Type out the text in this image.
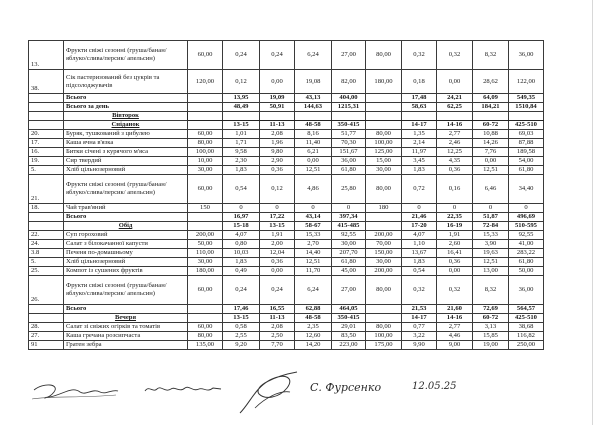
13.	Фрукти свіжі сезонні (груша/банан/ яблуко/слива/персик/ апельсин)	60,00	0,24	0,24	6,24	27,00	80,00	0,32	0,32	8,32	36,00
38.	Сік пастеризований без цукрів та підсолоджувачів	120,00	0,12	0,00	19,08	82,00	180,00	0,18	0,00	28,62	122,00
	Всього		13,95	19,09	43,13	404,00		17,48	24,21	64,09	549,35
	Всього за день		48,49	50,91	144,63	1215,31		58,63	62,25	184,21	1510,84
	Вівторок										
	Сніданок		13-15	11-13	48-58	350-415		14-17	14-16	60-72	425-510
20.	Буряк, тушкований з цибулею	60,00	1,01	2,08	8,16	51,77	80,00	1,35	2,77	10,88	69,03
17.	Каша ячна в'язка	80,00	1,71	1,96	11,40	70,30	100,00	2,14	2,46	14,26	87,88
16.	Битки січені з курячого м'яса	100,00	9,58	9,80	6,21	151,67	125,00	11,97	12,25	7,76	189,58
19.	Сир твердий	10,00	2,30	2,90	0,00	36,00	15,00	3,45	4,35	0,00	54,00
5.	Хліб цільнозерновий	30,00	1,83	0,36	12,51	61,80	30,00	1,83	0,36	12,51	61,80
21.	Фрукти свіжі сезонні (груша/банан/ яблуко/слива/персик/ апельсин)	60,00	0,54	0,12	4,86	25,80	80,00	0,72	0,16	6,46	34,40
18.	Чай трав'яний	150	0	0	0	0	180	0	0	0	0
	Всього		16,97	17,22	43,14	397,34		21,46	22,35	51,87	496,69
	Обід		15-18	13-15	58-67	415-485		17-20	16-19	72-84	510-595
22.	Суп гороховий	200,00	4,07	1,91	15,33	92,55	200,00	4,07	1,91	15,33	92,55
24.	Салат з білокачанної капусти	50,00	0,80	2,00	2,70	30,00	70,00	1,10	2,60	3,90	41,00
3.8	Печеня по-домашньому	110,00	10,03	12,04	14,40	207,70	150,00	13,67	16,41	19,63	283,22
5.	Хліб цільнозерновий	30,00	1,83	0,36	12,51	61,80	30,00	1,83	0,36	12,51	61,80
25.	Компот із сушених фруктів	180,00	0,49	0,00	11,70	45,00	200,00	0,54	0,00	13,00	50,00
26.	Фрукти свіжі сезонні (груша/банан/ яблуко/слива/персик/ апельсин)	60,00	0,24	0,24	6,24	27,00	80,00	0,32	0,32	8,32	36,00
	Всього		17,46	16,55	62,88	464,05		21,53	21,60	72,69	564,57
	Вечеря		13-15	11-13	48-58	350-415		14-17	14-16	60-72	425-510
28.	Салат зі свіжих огірків та томатів	60,00	0,58	2,08	2,35	29,01	80,00	0,77	2,77	3,13	38,68
27.	Каша гречана розсипчаста	80,00	2,55	2,50	12,60	83,50	100,00	3,22	4,46	15,85	116,82
91	Гратен зебра	135,00	9,20	7,70	14,20	223,00	175,00	9,90	9,00	19,00	250,00
С. Фурсенко	12.05.25
